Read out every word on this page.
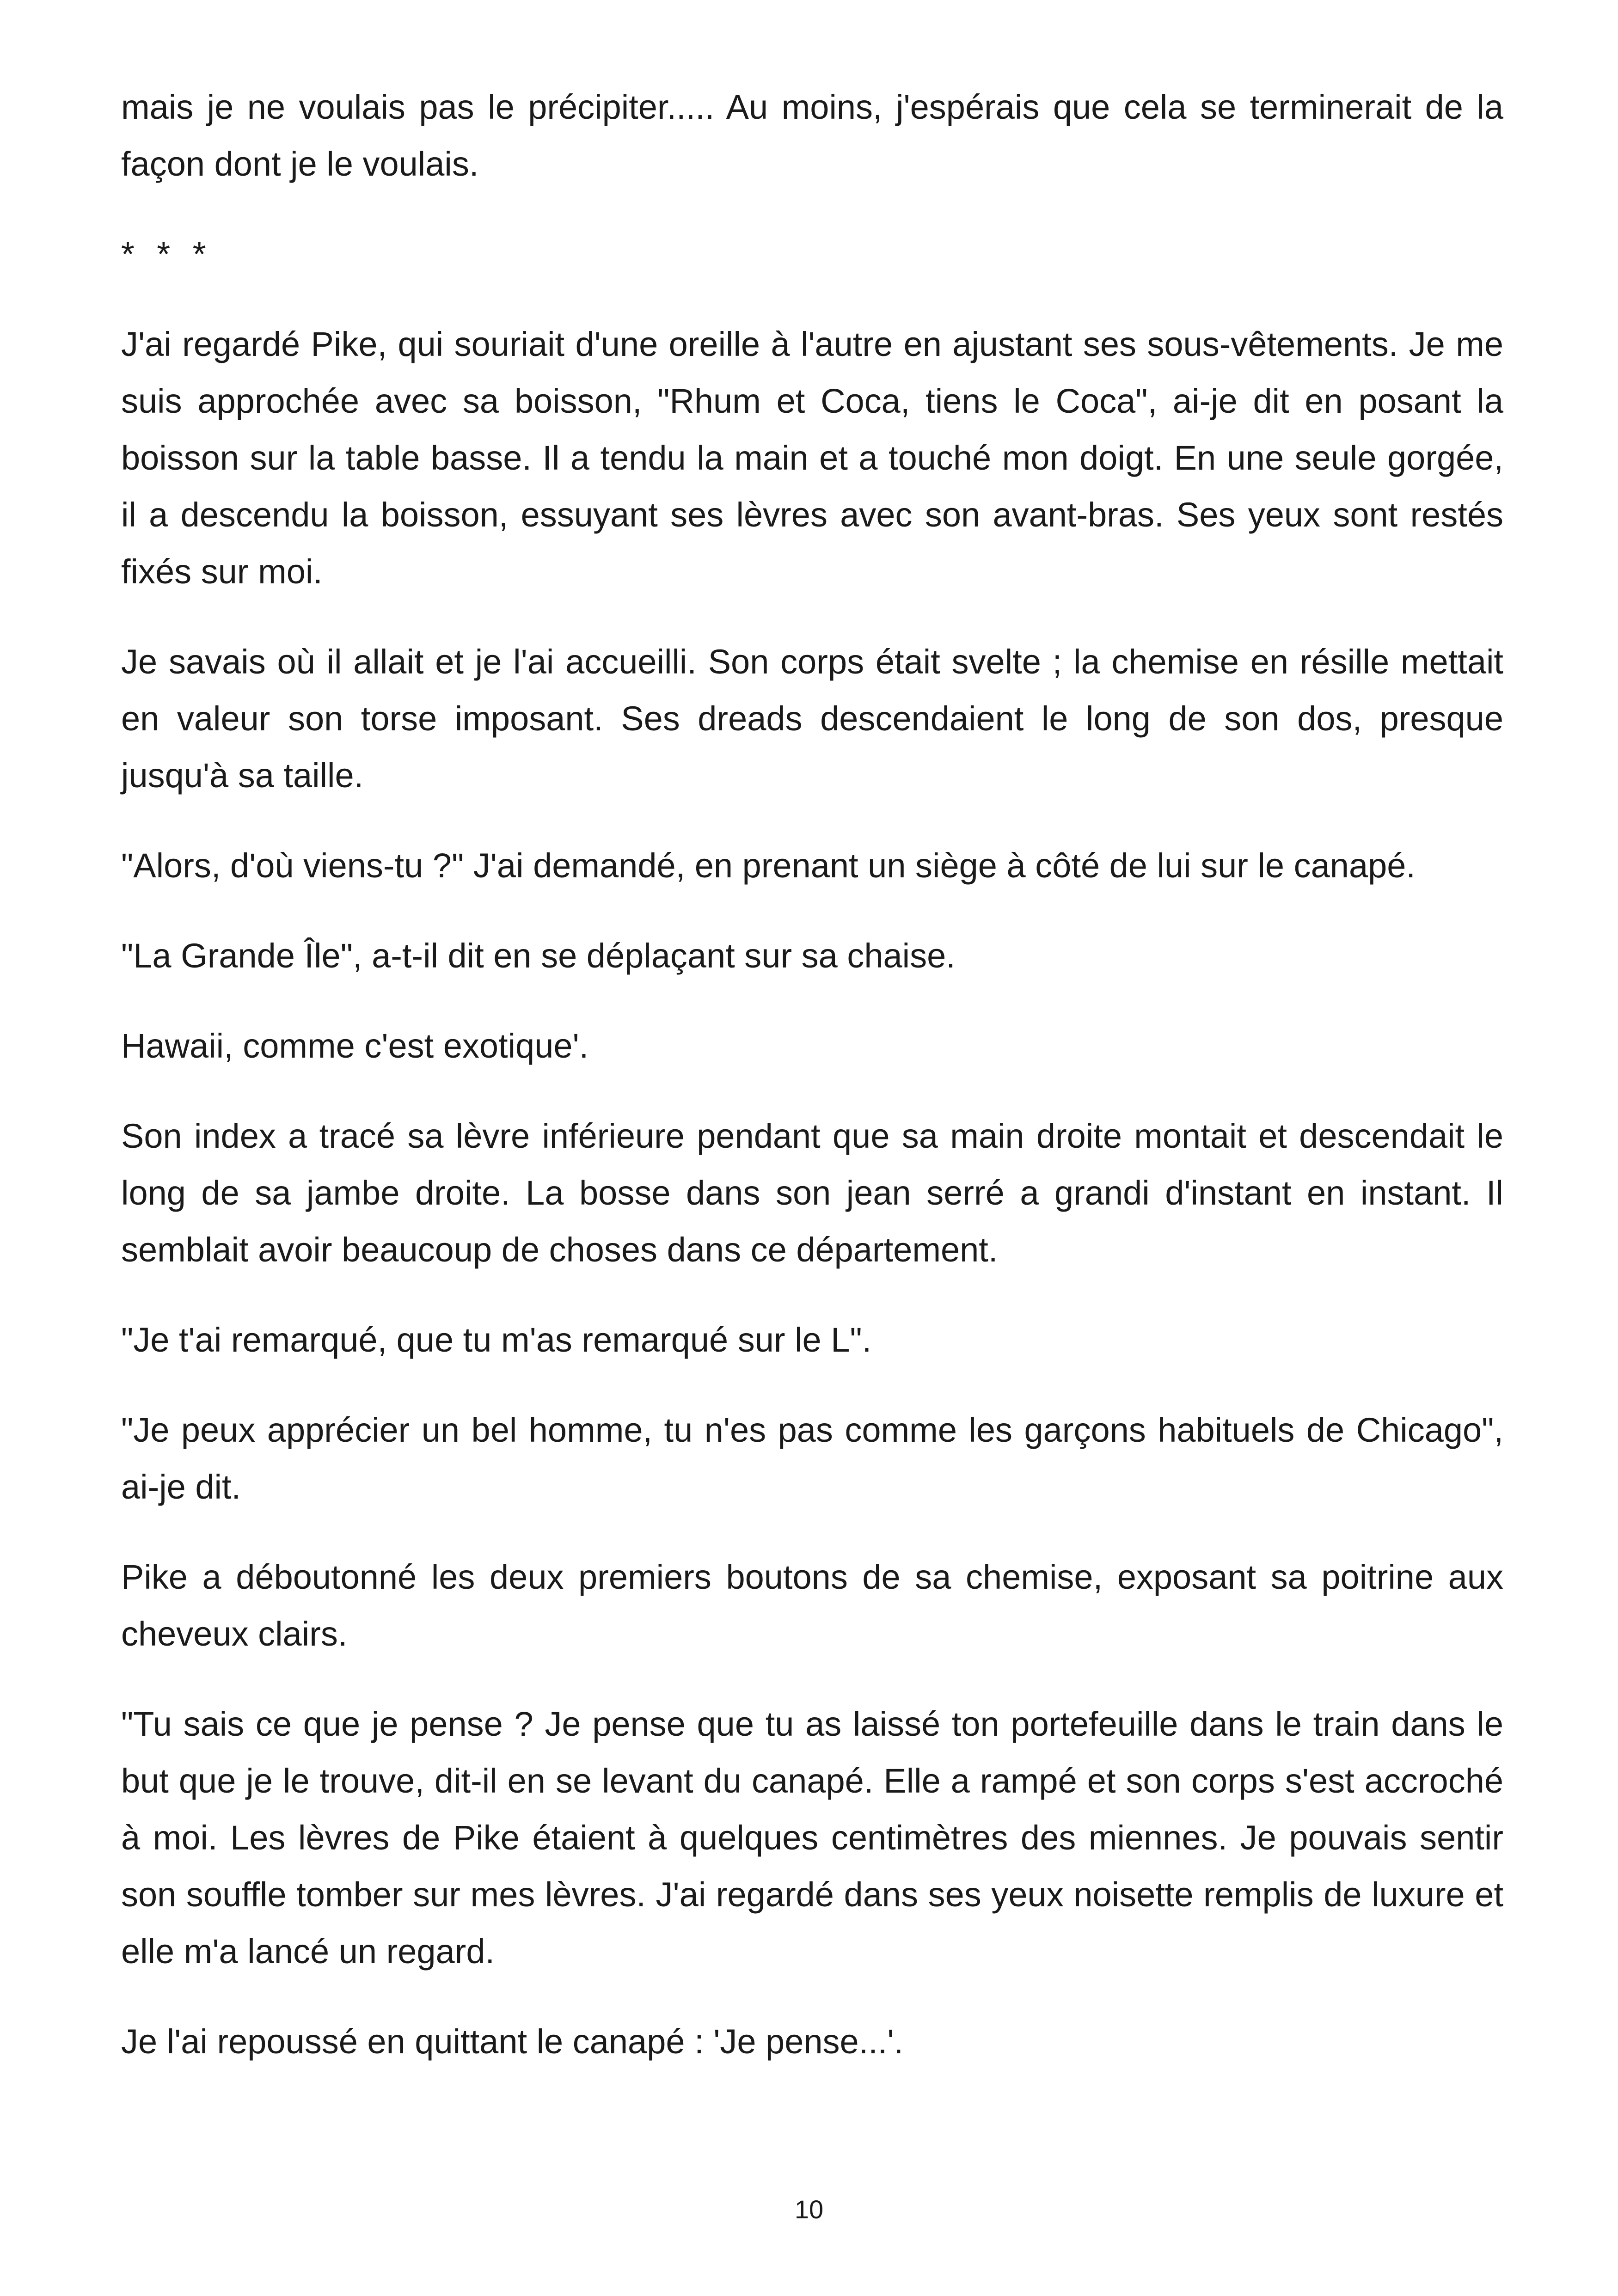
mais je ne voulais pas le précipiter..... Au moins, j'espérais que cela se terminerait de la façon dont je le voulais.

* * *

J'ai regardé Pike, qui souriait d'une oreille à l'autre en ajustant ses sous-vêtements. Je me suis approchée avec sa boisson, "Rhum et Coca, tiens le Coca", ai-je dit en posant la boisson sur la table basse. Il a tendu la main et a touché mon doigt. En une seule gorgée, il a descendu la boisson, essuyant ses lèvres avec son avant-bras. Ses yeux sont restés fixés sur moi.

Je savais où il allait et je l'ai accueilli. Son corps était svelte ; la chemise en résille mettait en valeur son torse imposant. Ses dreads descendaient le long de son dos, presque jusqu'à sa taille.

"Alors, d'où viens-tu ?" J'ai demandé, en prenant un siège à côté de lui sur le canapé.

"La Grande Île", a-t-il dit en se déplaçant sur sa chaise.

Hawaii, comme c'est exotique'.

Son index a tracé sa lèvre inférieure pendant que sa main droite montait et descendait le long de sa jambe droite. La bosse dans son jean serré a grandi d'instant en instant. Il semblait avoir beaucoup de choses dans ce département.

"Je t'ai remarqué, que tu m'as remarqué sur le L".

"Je peux apprécier un bel homme, tu n'es pas comme les garçons habituels de Chicago", ai-je dit.

Pike a déboutonné les deux premiers boutons de sa chemise, exposant sa poitrine aux cheveux clairs.

"Tu sais ce que je pense ? Je pense que tu as laissé ton portefeuille dans le train dans le but que je le trouve, dit-il en se levant du canapé. Elle a rampé et son corps s'est accroché à moi. Les lèvres de Pike étaient à quelques centimètres des miennes. Je pouvais sentir son souffle tomber sur mes lèvres. J'ai regardé dans ses yeux noisette remplis de luxure et elle m'a lancé un regard.

Je l'ai repoussé en quittant le canapé : 'Je pense...'.

10
